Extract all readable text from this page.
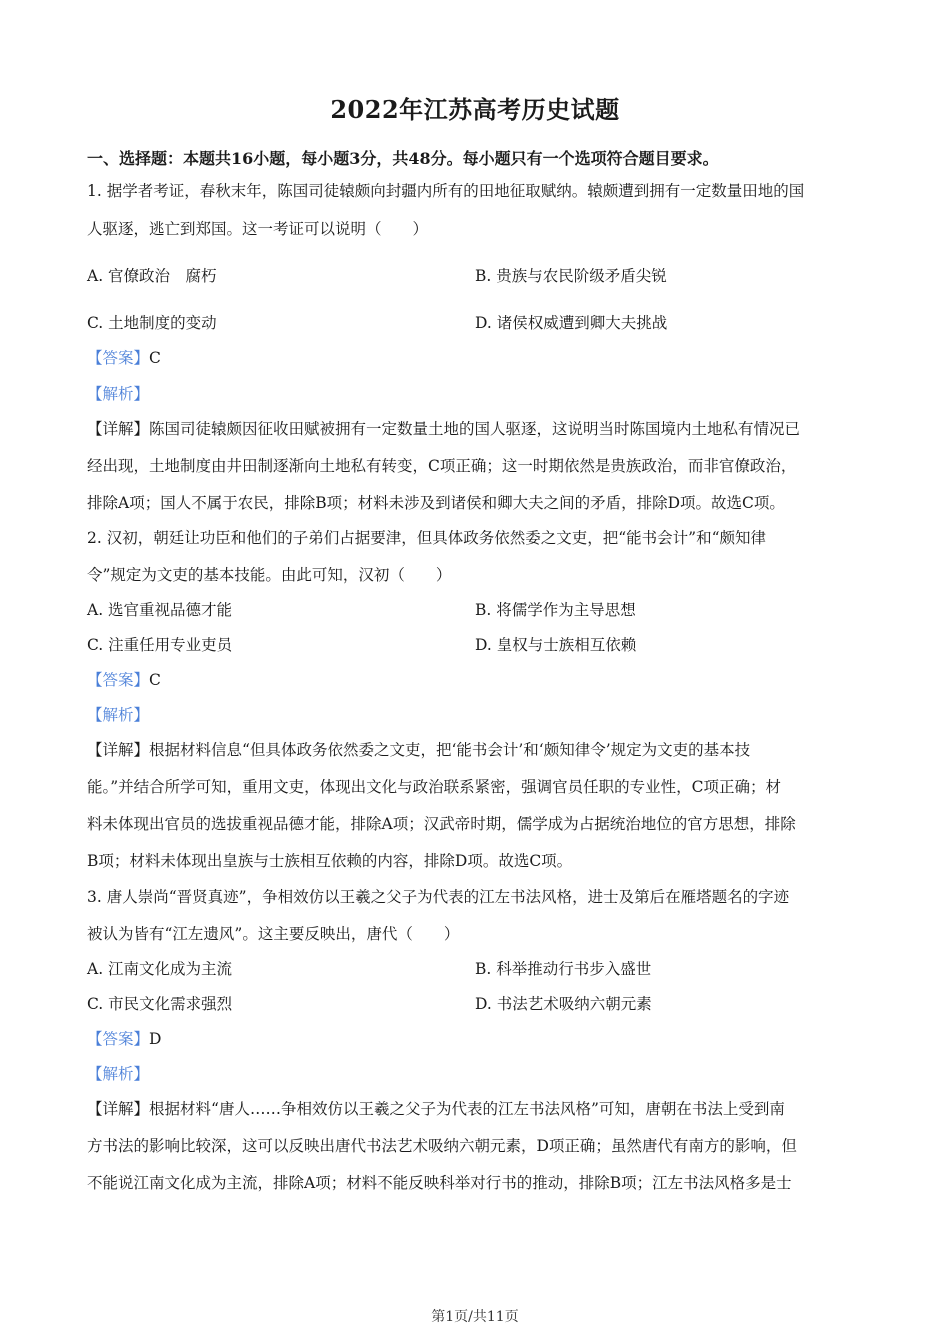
2022年江苏高考历史试题
一、选择题：本题共16小题，每小题3分，共48分。每小题只有一个选项符合题目要求。
1. 据学者考证，春秋末年，陈国司徒辕颇向封疆内所有的田地征取赋纳。辕颇遭到拥有一定数量田地的国
人驱逐，逃亡到郑国。这一考证可以说明（　　）
A. 官僚政治　腐朽	B. 贵族与农民阶级矛盾尖锐
C. 土地制度的变动	D. 诸侯权威遭到卿大夫挑战
【答案】C
【解析】
【详解】陈国司徒辕颇因征收田赋被拥有一定数量土地的国人驱逐，这说明当时陈国境内土地私有情况已
经出现，土地制度由井田制逐渐向土地私有转变，C项正确；这一时期依然是贵族政治，而非官僚政治，
排除A项；国人不属于农民，排除B项；材料未涉及到诸侯和卿大夫之间的矛盾，排除D项。故选C项。
2. 汉初，朝廷让功臣和他们的子弟们占据要津，但具体政务依然委之文吏，把“能书会计”和“颇知律
令”规定为文吏的基本技能。由此可知，汉初（　　）
A. 选官重视品德才能	B. 将儒学作为主导思想
C. 注重任用专业吏员	D. 皇权与士族相互依赖
【答案】C
【解析】
【详解】根据材料信息“但具体政务依然委之文吏，把‘能书会计’和‘颇知律令’规定为文吏的基本技
能。”并结合所学可知，重用文吏，体现出文化与政治联系紧密，强调官员任职的专业性，C项正确；材
料未体现出官员的选拔重视品德才能，排除A项；汉武帝时期，儒学成为占据统治地位的官方思想，排除
B项；材料未体现出皇族与士族相互依赖的内容，排除D项。故选C项。
3. 唐人崇尚“晋贤真迹”，争相效仿以王羲之父子为代表的江左书法风格，进士及第后在雁塔题名的字迹
被认为皆有“江左遗风”。这主要反映出，唐代（　　）
A. 江南文化成为主流	B. 科举推动行书步入盛世
C. 市民文化需求强烈	D. 书法艺术吸纳六朝元素
【答案】D
【解析】
【详解】根据材料“唐人……争相效仿以王羲之父子为代表的江左书法风格”可知，唐朝在书法上受到南
方书法的影响比较深，这可以反映出唐代书法艺术吸纳六朝元素，D项正确；虽然唐代有南方的影响，但
不能说江南文化成为主流，排除A项；材料不能反映科举对行书的推动，排除B项；江左书法风格多是士
第1页/共11页
